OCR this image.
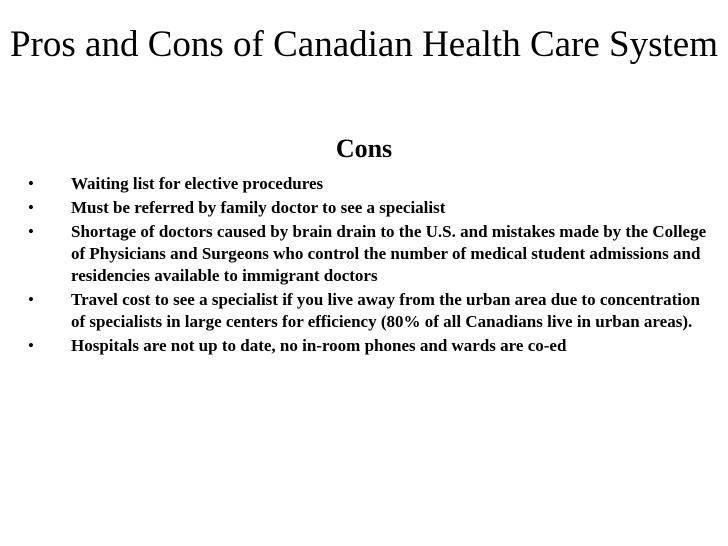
Pros and Cons of Canadian Health Care System
Cons
•	Waiting list for elective procedures
•	Must be referred by family doctor to see a specialist
•	Shortage of doctors caused by brain drain to the U.S. and mistakes made by the College of Physicians and Surgeons who control the number of medical student admissions and residencies available to immigrant doctors
•	Travel cost to see a specialist if you live away from the urban area due to concentration of specialists in large centers for efficiency (80% of all Canadians live in urban areas).
•	Hospitals are not up to date, no in-room phones and wards are co-ed
